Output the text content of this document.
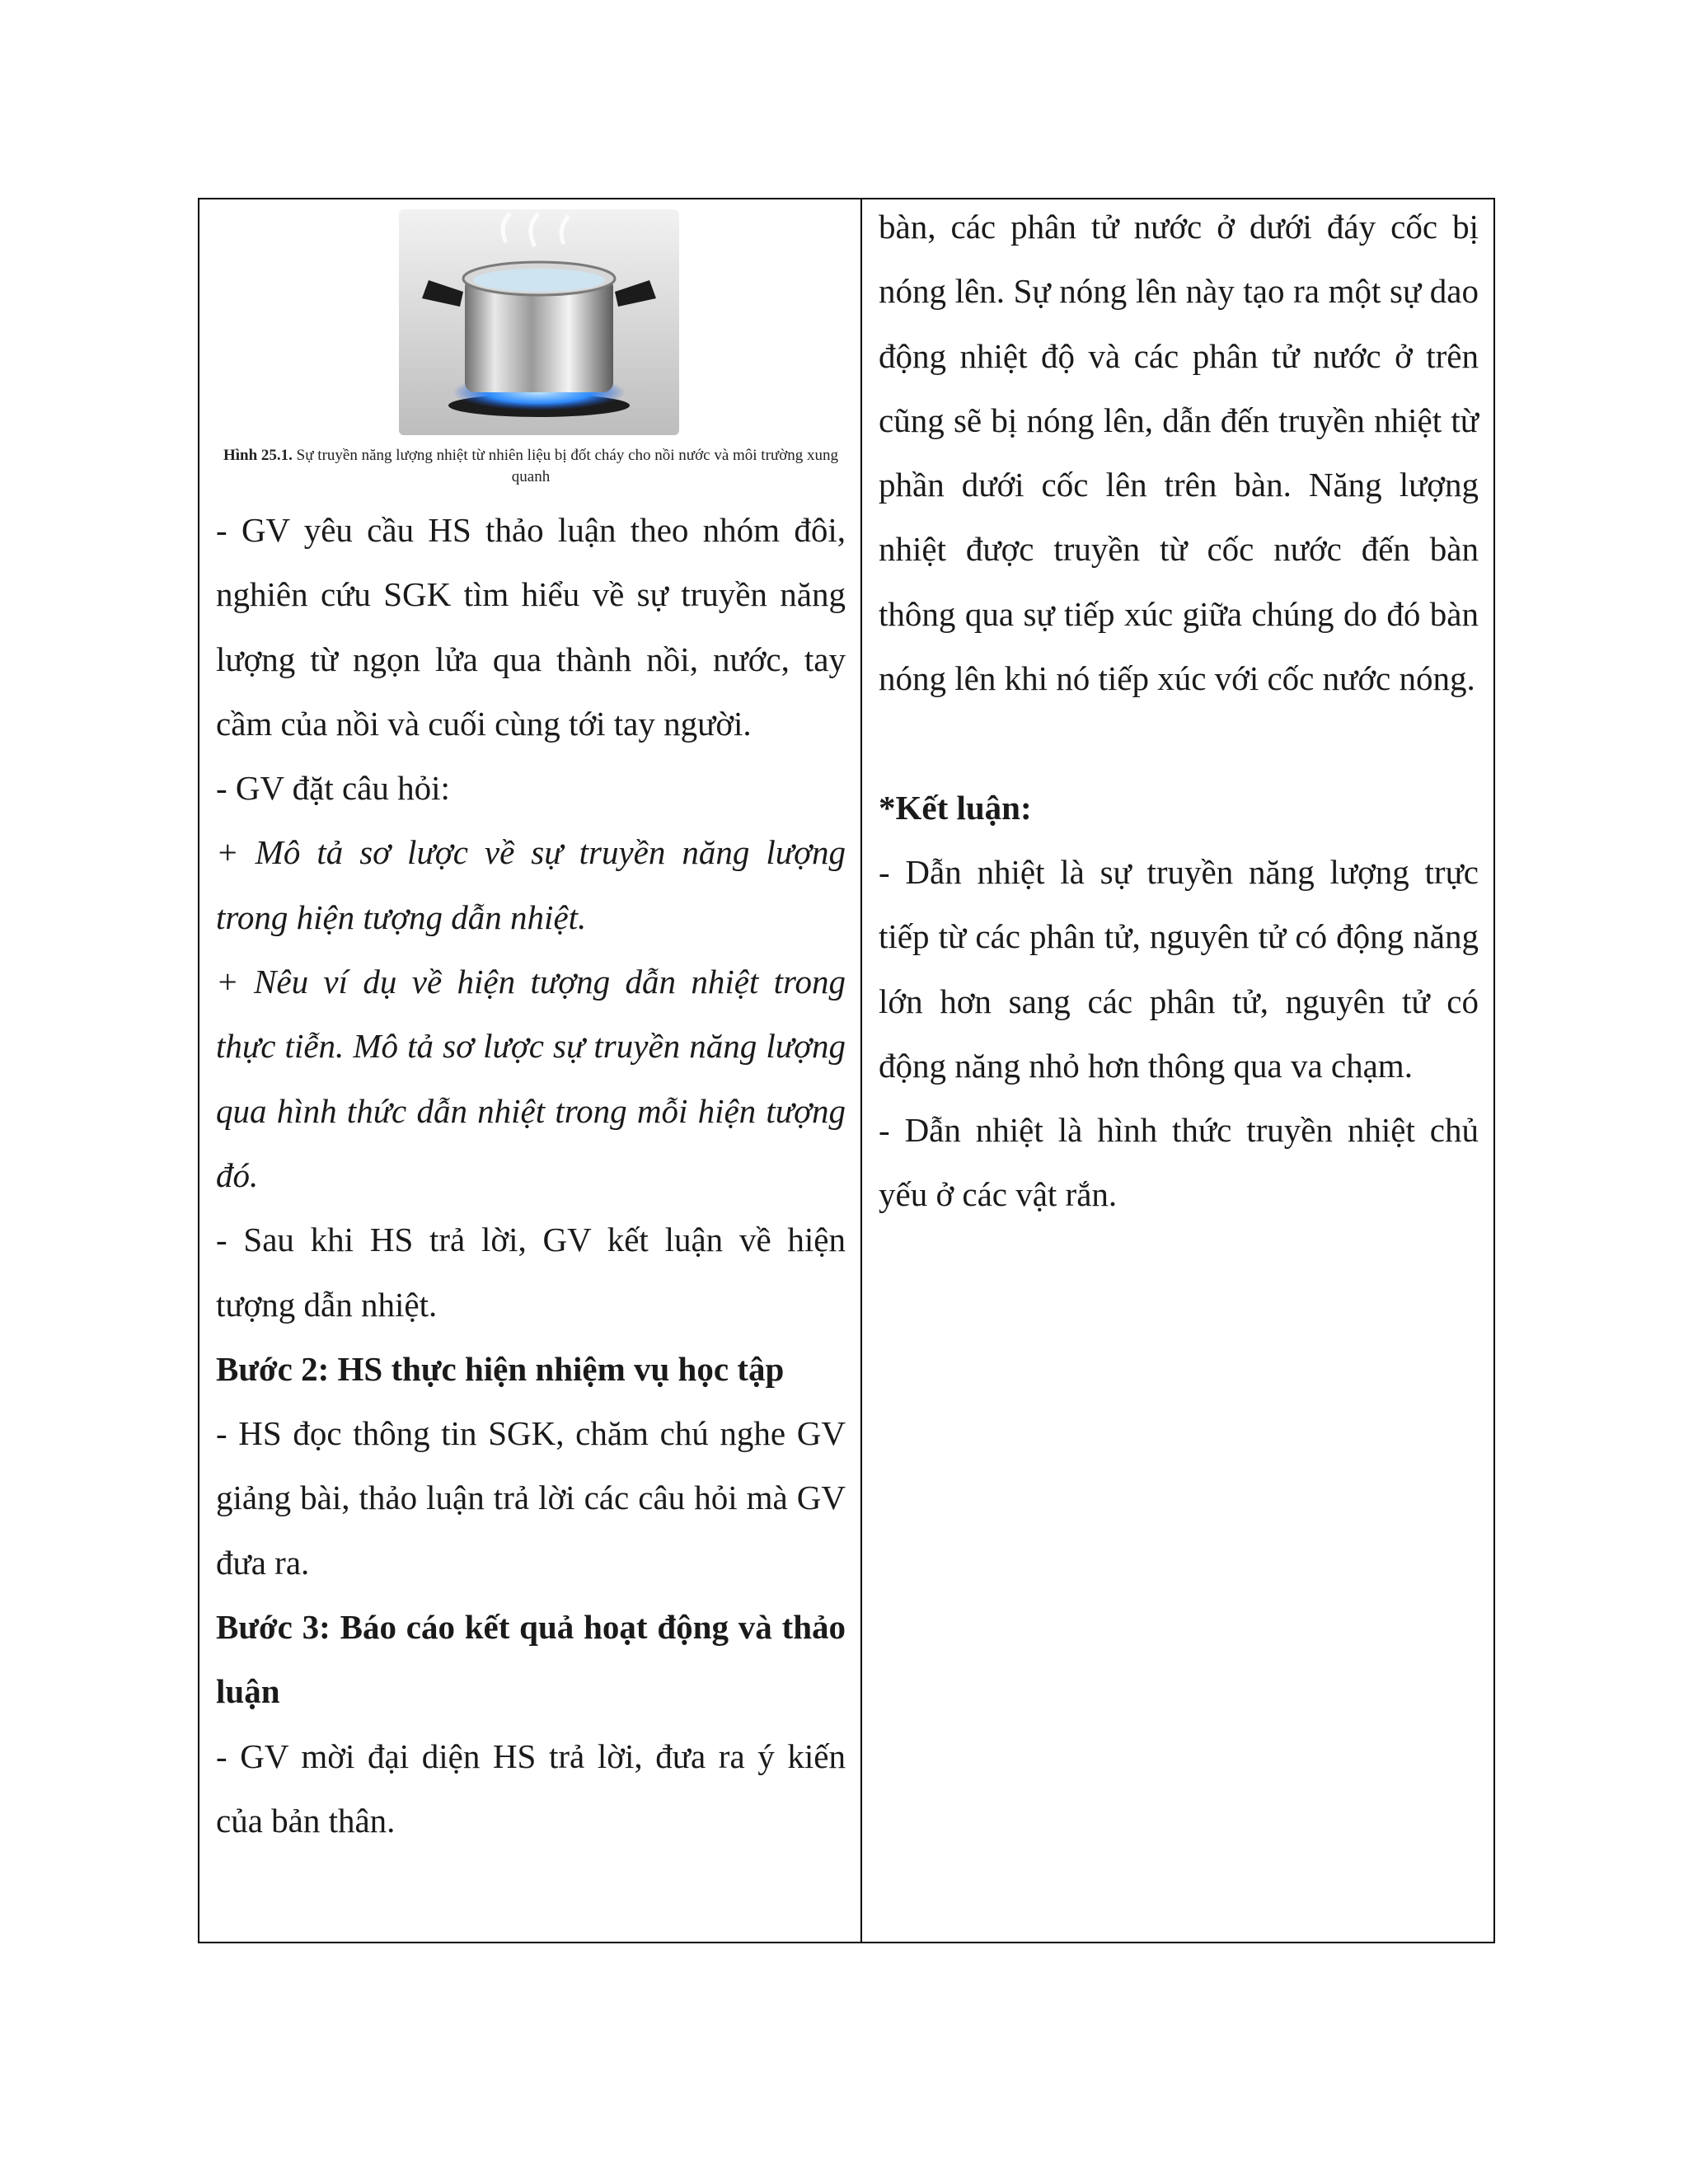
Hình 25.1. Sự truyền năng lượng nhiệt từ nhiên liệu bị đốt cháy cho nồi nước và môi trường xung quanh

- GV yêu cầu HS thảo luận theo nhóm đôi, nghiên cứu SGK tìm hiểu về sự truyền năng lượng từ ngọn lửa qua thành nồi, nước, tay cầm của nồi và cuối cùng tới tay người.

- GV đặt câu hỏi:

+ Mô tả sơ lược về sự truyền năng lượng trong hiện tượng dẫn nhiệt.

+ Nêu ví dụ về hiện tượng dẫn nhiệt trong thực tiễn. Mô tả sơ lược sự truyền năng lượng qua hình thức dẫn nhiệt trong mỗi hiện tượng đó.

- Sau khi HS trả lời, GV kết luận về hiện tượng dẫn nhiệt.

Bước 2: HS thực hiện nhiệm vụ học tập

- HS đọc thông tin SGK, chăm chú nghe GV giảng bài, thảo luận trả lời các câu hỏi mà GV đưa ra.

Bước 3: Báo cáo kết quả hoạt động và thảo luận

- GV mời đại diện HS trả lời, đưa ra ý kiến của bản thân.

bàn, các phân tử nước ở dưới đáy cốc bị nóng lên. Sự nóng lên này tạo ra một sự dao động nhiệt độ và các phân tử nước ở trên cũng sẽ bị nóng lên, dẫn đến truyền nhiệt từ phần dưới cốc lên trên bàn. Năng lượng nhiệt được truyền từ cốc nước đến bàn thông qua sự tiếp xúc giữa chúng do đó bàn nóng lên khi nó tiếp xúc với cốc nước nóng.

*Kết luận:

- Dẫn nhiệt là sự truyền năng lượng trực tiếp từ các phân tử, nguyên tử có động năng lớn hơn sang các phân tử, nguyên tử có động năng nhỏ hơn thông qua va chạm.

- Dẫn nhiệt là hình thức truyền nhiệt chủ yếu ở các vật rắn.
